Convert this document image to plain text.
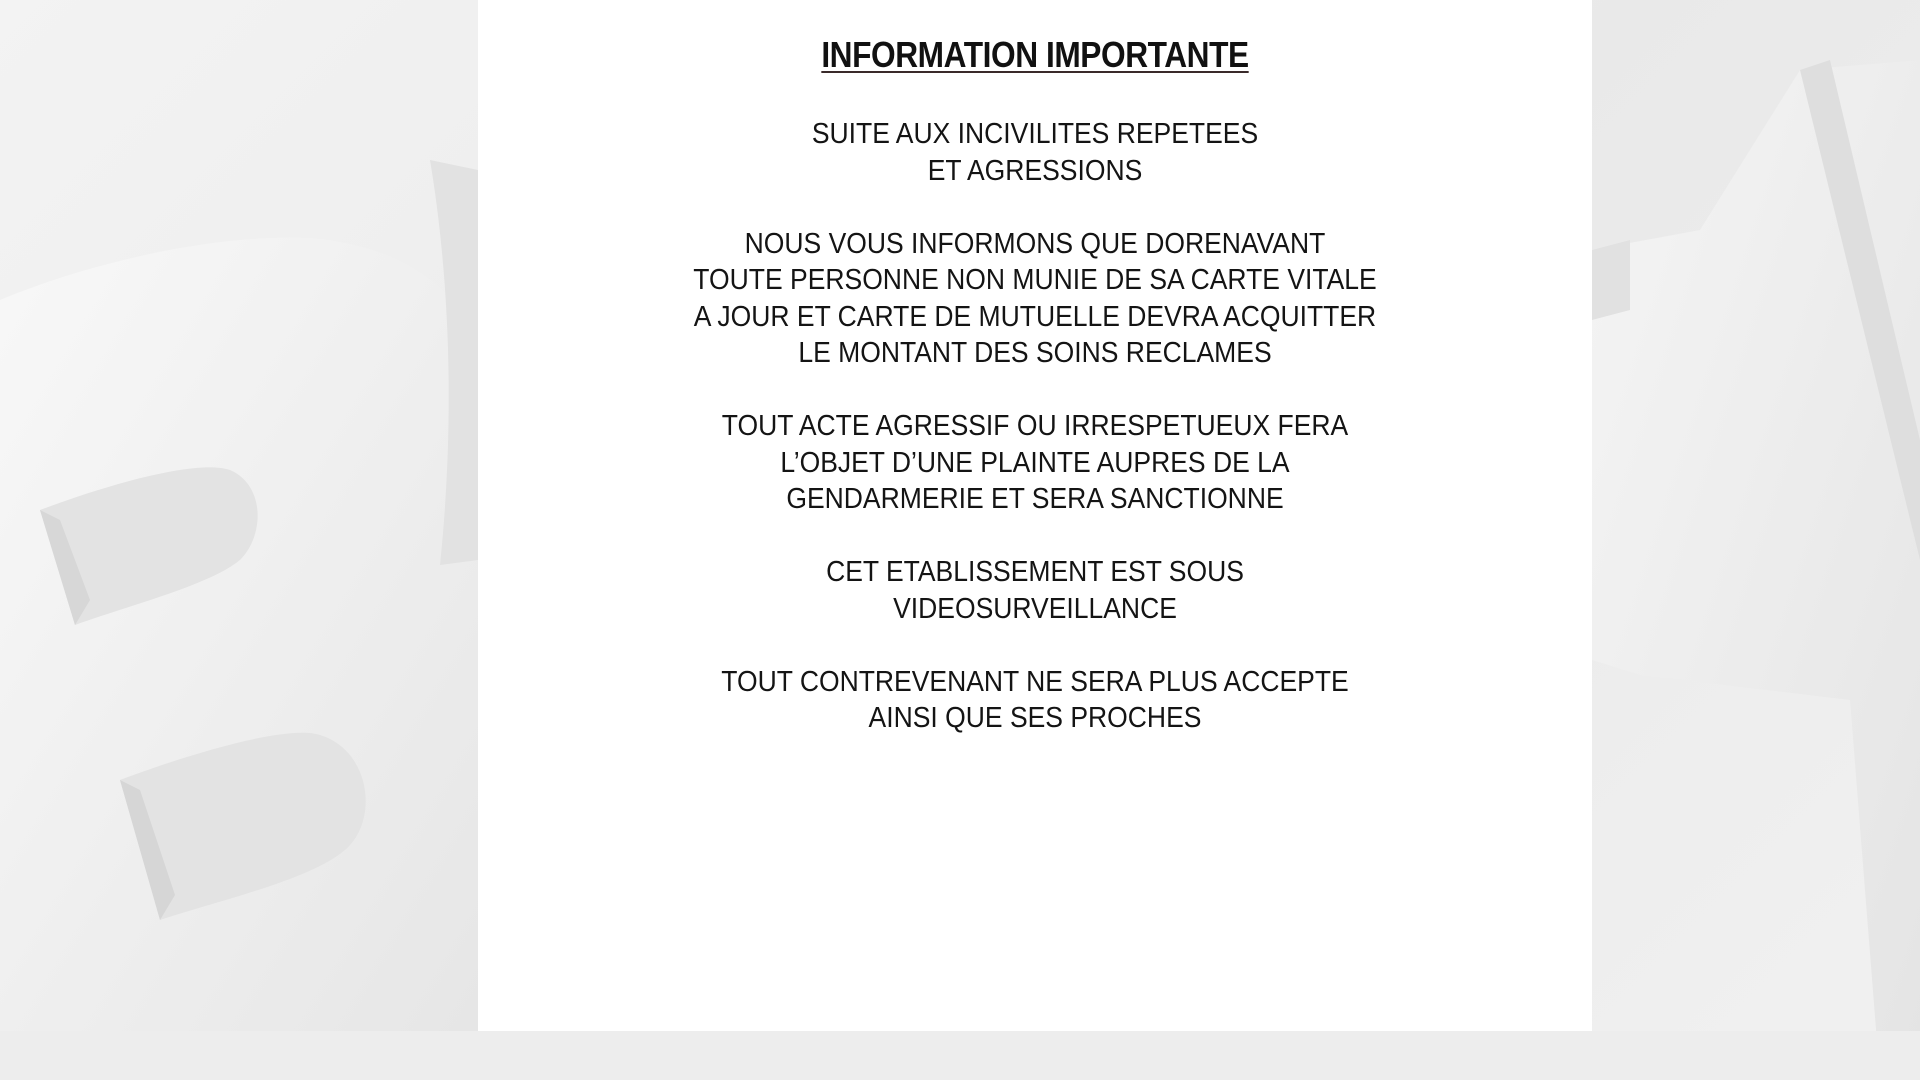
INFORMATION IMPORTANTE

SUITE AUX INCIVILITES REPETEES
ET AGRESSIONS

NOUS VOUS INFORMONS QUE DORENAVANT
TOUTE PERSONNE NON MUNIE DE SA CARTE VITALE
A JOUR ET CARTE DE MUTUELLE DEVRA ACQUITTER
LE MONTANT DES SOINS RECLAMES

TOUT ACTE AGRESSIF OU IRRESPETUEUX FERA
L’OBJET D’UNE PLAINTE AUPRES DE LA
GENDARMERIE ET SERA SANCTIONNE

CET ETABLISSEMENT EST SOUS
VIDEOSURVEILLANCE

TOUT CONTREVENANT NE SERA PLUS ACCEPTE
AINSI QUE SES PROCHES
